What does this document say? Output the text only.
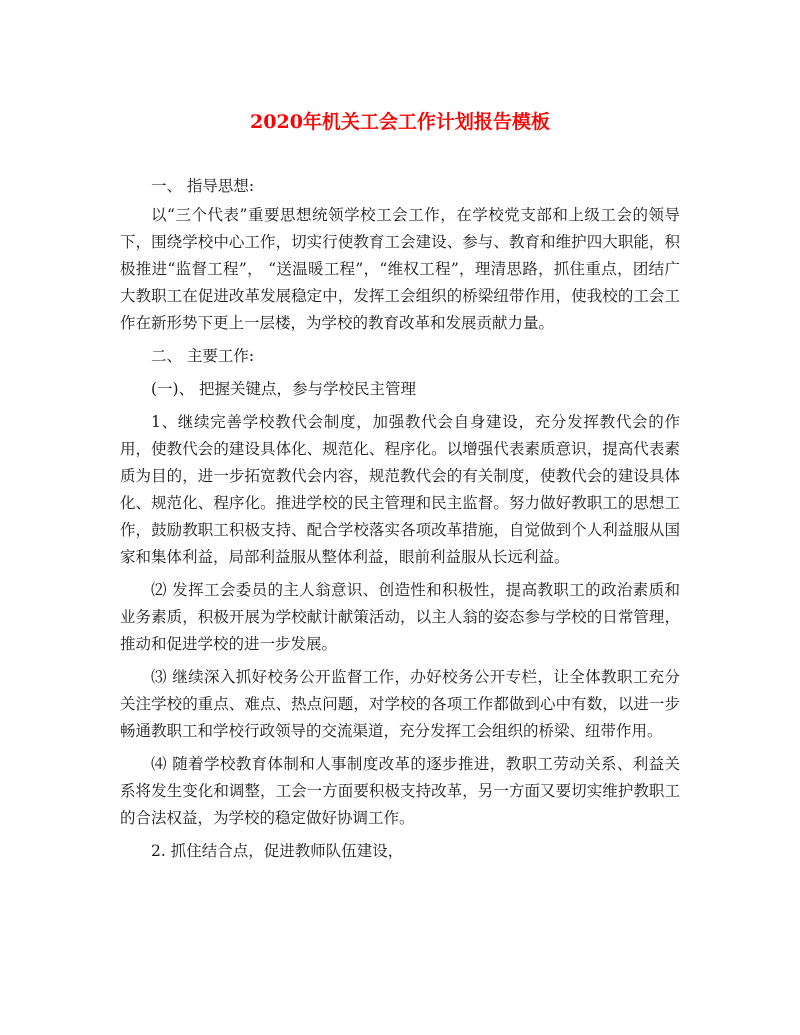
2020年机关工会工作计划报告模板

一、 指导思想:

以“三个代表”重要思想统领学校工会工作，在学校党支部和上级工会的领导下，围绕学校中心工作，切实行使教育工会建设、参与、教育和维护四大职能，积极推进“监督工程”， “送温暖工程”，“维权工程”，理清思路，抓住重点，团结广大教职工在促进改革发展稳定中，发挥工会组织的桥梁纽带作用，使我校的工会工作在新形势下更上一层楼，为学校的教育改革和发展贡献力量。

二、 主要工作:

(一)、 把握关键点，参与学校民主管理

1、继续完善学校教代会制度，加强教代会自身建设，充分发挥教代会的作用，使教代会的建设具体化、规范化、程序化。以增强代表素质意识，提高代表素质为目的，进一步拓宽教代会内容，规范教代会的有关制度，使教代会的建设具体化、规范化、程序化。推进学校的民主管理和民主监督。努力做好教职工的思想工作，鼓励教职工积极支持、配合学校落实各项改革措施，自觉做到个人利益服从国家和集体利益，局部利益服从整体利益，眼前利益服从长远利益。

⑵ 发挥工会委员的主人翁意识、创造性和积极性，提高教职工的政治素质和业务素质，积极开展为学校献计献策活动，以主人翁的姿态参与学校的日常管理，推动和促进学校的进一步发展。

⑶ 继续深入抓好校务公开监督工作，办好校务公开专栏，让全体教职工充分关注学校的重点、难点、热点问题，对学校的各项工作都做到心中有数，以进一步畅通教职工和学校行政领导的交流渠道，充分发挥工会组织的桥梁、纽带作用。

⑷ 随着学校教育体制和人事制度改革的逐步推进，教职工劳动关系、利益关系将发生变化和调整，工会一方面要积极支持改革，另一方面又要切实维护教职工的合法权益，为学校的稳定做好协调工作。

2. 抓住结合点，促进教师队伍建设，
